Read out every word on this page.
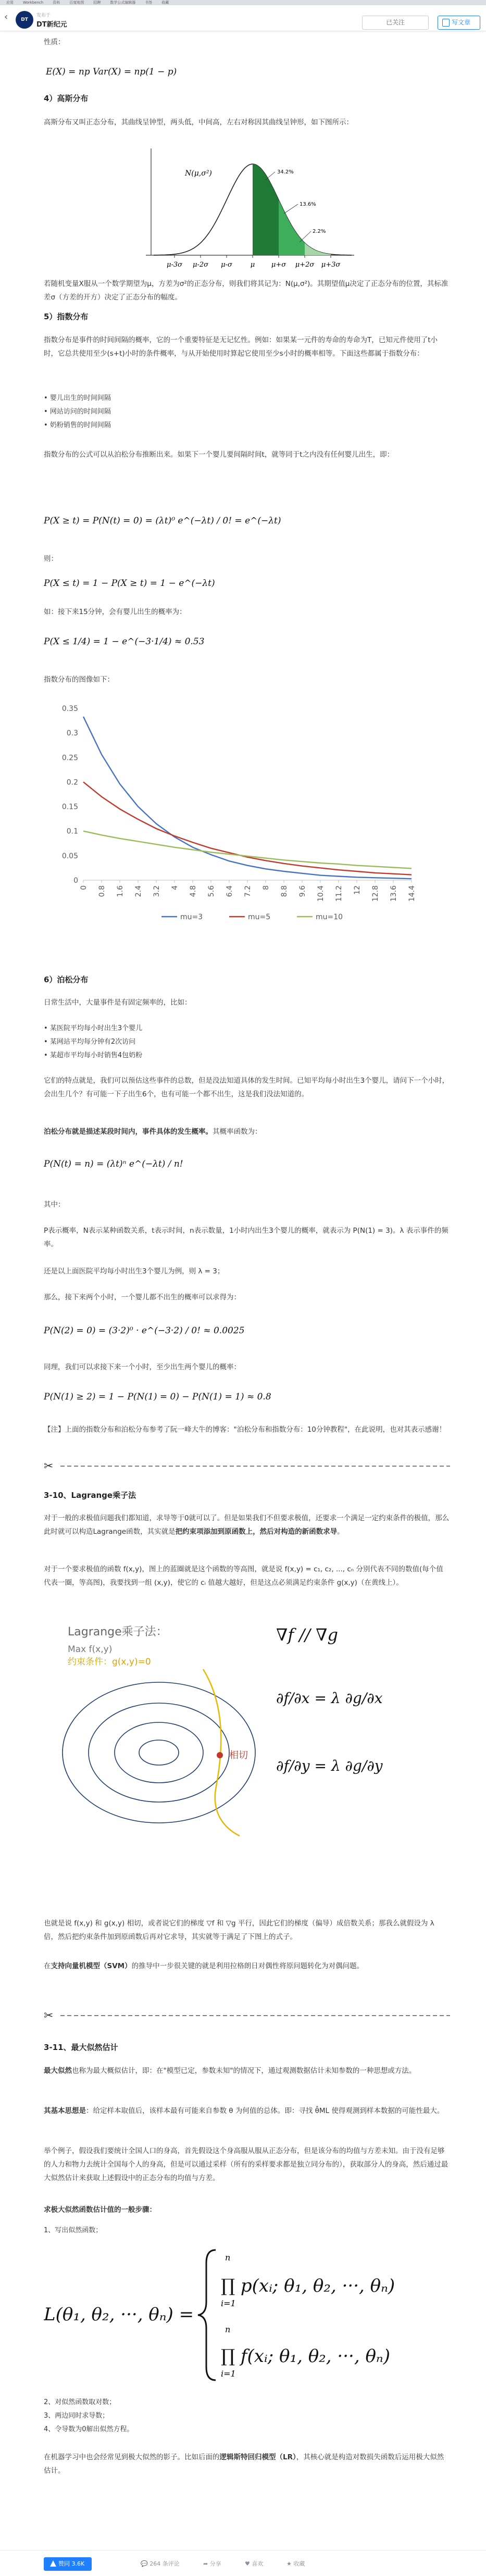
应用	Workbench	资料	百度地图	招聘	数学公式编辑器	书签	收藏
‹	DT
发布于
DT新纪元	已关注	写文章
性质：
E(X) = np Var(X) = np(1 − p)
4）高斯分布
高斯分布又叫正态分布，其曲线呈钟型，两头低，中间高，左右对称因其曲线呈钟形，如下图所示：
N(μ,σ²)	34.2%
13.6%
2.2%
μ-3σ μ-2σ μ-σ	μ μ+σ μ+2σ μ+3σ
若随机变量X服从一个数学期望为μ，方差为σ²的正态分布，则我们将其记为：N(μ,σ²)。其期望值μ决定了正态分布的位置，其标准差σ（方差的开方）决定了正态分布的幅度。
5）指数分布
指数分布是事件的时间间隔的概率，它的一个重要特征是无记忆性。例如：如果某一元件的寿命的寿命为T，已知元件使用了t小时，它总共使用至少(s+t)小时的条件概率，与从开始使用时算起它使用至少s小时的概率相等。下面这些都属于指数分布：
• 婴儿出生的时间间隔
• 网站访问的时间间隔
• 奶粉销售的时间间隔
指数分布的公式可以从泊松分布推断出来。如果下一个婴儿要间隔时间t，就等同于t之内没有任何婴儿出生，即：
P(X ≥ t) = P(N(t) = 0) = (λt)⁰ e^(−λt) / 0! = e^(−λt)
则：
P(X ≤ t) = 1 − P(X ≥ t) = 1 − e^(−λt)
如：接下来15分钟，会有婴儿出生的概率为：
P(X ≤ 1/4) = 1 − e^(−3·1/4) ≈ 0.53
指数分布的图像如下：
0
0.05
0.1
0.15
0.2
0.25
0.3
0.35
0 0.8 1.6 2.4 3.2 4 4.8 5.6 6.4 7.2 8 8.8 9.6 10.4 11.2 12 12.8 13.6 14.4
mu=3	mu=5	mu=10
6）泊松分布
日常生活中，大量事件是有固定频率的，比如：
• 某医院平均每小时出生3个婴儿
• 某网站平均每分钟有2次访问
• 某超市平均每小时销售4包奶粉
它们的特点就是，我们可以预估这些事件的总数，但是没法知道具体的发生时间。已知平均每小时出生3个婴儿，请问下一个小时，会出生几个？有可能一下子出生6个，也有可能一个都不出生，这是我们没法知道的。
泊松分布就是描述某段时间内，事件具体的发生概率。其概率函数为：
P(N(t) = n) = (λt)ⁿ e^(−λt) / n!
其中：
P表示概率，N表示某种函数关系，t表示时间，n表示数量，1小时内出生3个婴儿的概率，就表示为 P(N(1) = 3)。λ 表示事件的频率。
还是以上面医院平均每小时出生3个婴儿为例，则 λ = 3；
那么，接下来两个小时，一个婴儿都不出生的概率可以求得为：
P(N(2) = 0) = (3·2)⁰ · e^(−3·2) / 0! ≈ 0.0025
同理，我们可以求接下来一个小时，至少出生两个婴儿的概率：
P(N(1) ≥ 2) = 1 − P(N(1) = 0) − P(N(1) = 1) ≈ 0.8
【注】上面的指数分布和泊松分布参考了阮一峰大牛的博客："泊松分布和指数分布：10分钟教程"，在此说明，也对其表示感谢！
✂
3-10、Lagrange乘子法
对于一般的求极值问题我们都知道，求导等于0就可以了。但是如果我们不但要求极值，还要求一个满足一定约束条件的极值，那么此时就可以构造Lagrange函数，其实就是把约束项添加到原函数上，然后对构造的新函数求导。
对于一个要求极值的函数 f(x,y)，图上的蓝圈就是这个函数的等高图，就是说 f(x,y) = c₁, c₂, ..., cₙ 分别代表不同的数值(每个值代表一圈，等高图)，我要找到一组 (x,y)，使它的 cᵢ 值越大越好，但是这点必须满足约束条件 g(x,y)（在黄线上）。
Lagrange乘子法：
Max f(x,y)
约束条件：g(x,y)=0
相切
∇f // ∇g
∂f/∂x = λ ∂g/∂x
∂f/∂y = λ ∂g/∂y
也就是说 f(x,y) 和 g(x,y) 相切，或者说它们的梯度 ▽f 和 ▽g 平行，因此它们的梯度（偏导）成倍数关系；那我么就假设为 λ 倍，然后把约束条件加到原函数后再对它求导，其实就等于满足了下图上的式子。
在支持向量机模型（SVM）的推导中一步很关键的就是利用拉格朗日对偶性将原问题转化为对偶问题。
✂
3-11、最大似然估计
最大似然也称为最大概似估计，即：在"模型已定，参数未知"的情况下，通过观测数据估计未知参数的一种思想或方法。
其基本思想是：给定样本取值后，该样本最有可能来自参数 θ 为何值的总体。即：寻找 θ̂ML 使得观测到样本数据的可能性最大。
举个例子，假设我们要统计全国人口的身高，首先假设这个身高服从服从正态分布，但是该分布的均值与方差未知。由于没有足够的人力和物力去统计全国每个人的身高，但是可以通过采样（所有的采样要求都是独立同分布的），获取部分人的身高，然后通过最大似然估计来获取上述假设中的正态分布的均值与方差。
求极大似然函数估计值的一般步骤：
1、写出似然函数；
L(θ₁, θ₂, ···, θₙ) =
n
∏ p(xᵢ; θ₁, θ₂, ···, θₙ)
i=1
n
∏ f(xᵢ; θ₁, θ₂, ···, θₙ)
i=1
2、对似然函数取对数；
3、两边同时求导数；
4、令导数为0解出似然方程。
在机器学习中也会经常见到极大似然的影子。比如后面的逻辑斯特回归模型（LR），其核心就是构造对数损失函数后运用极大似然估计。
赞同 3.6K	💬 264 条评论	➦ 分享	♥ 喜欢	★ 收藏
